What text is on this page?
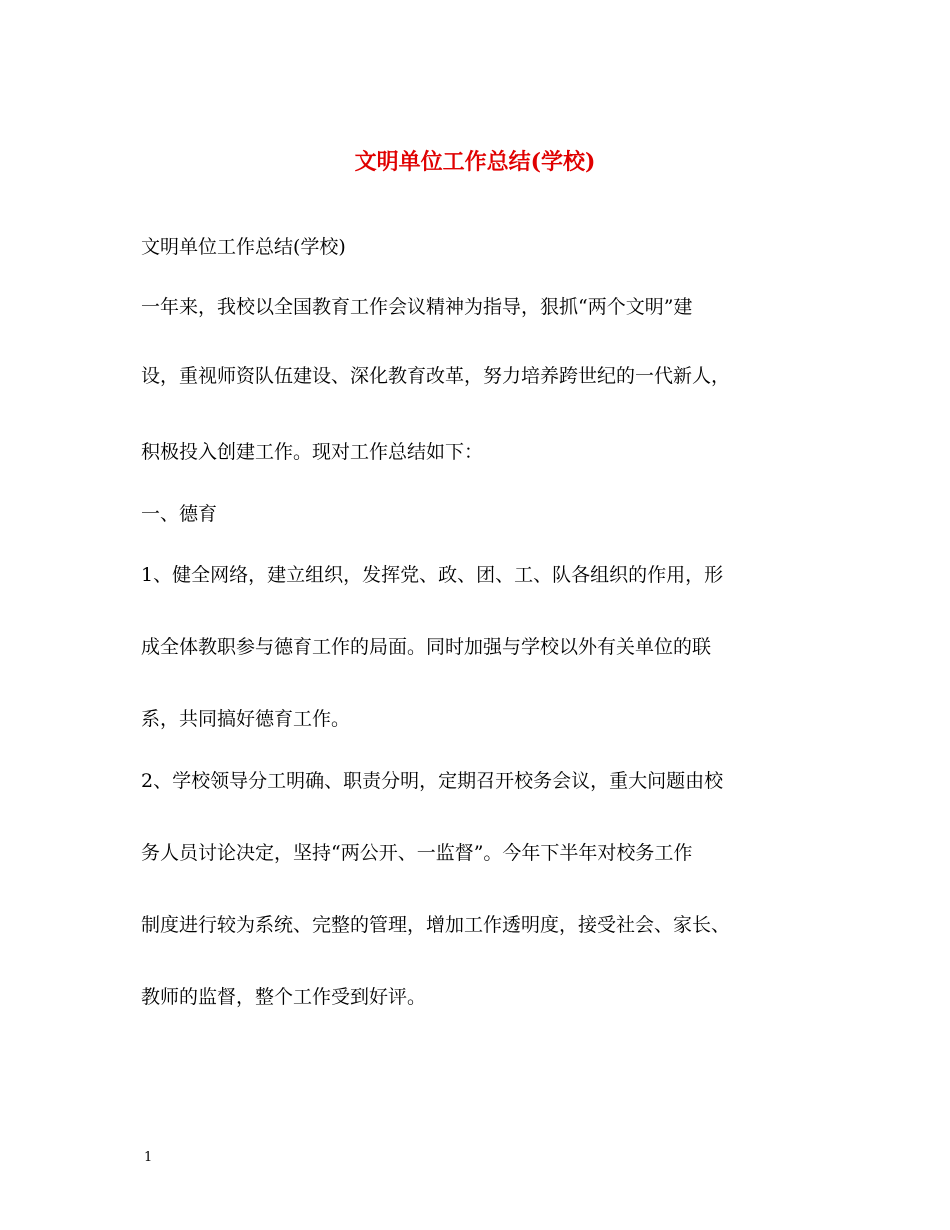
文明单位工作总结(学校)

文明单位工作总结(学校)

一年来，我校以全国教育工作会议精神为指导，狠抓“两个文明”建

设，重视师资队伍建设、深化教育改革，努力培养跨世纪的一代新人，

积极投入创建工作。现对工作总结如下：

一、德育

1、健全网络，建立组织，发挥党、政、团、工、队各组织的作用，形

成全体教职参与德育工作的局面。同时加强与学校以外有关单位的联

系，共同搞好德育工作。

2、学校领导分工明确、职责分明，定期召开校务会议，重大问题由校

务人员讨论决定，坚持“两公开、一监督”。今年下半年对校务工作

制度进行较为系统、完整的管理，增加工作透明度，接受社会、家长、

教师的监督，整个工作受到好评。

1
